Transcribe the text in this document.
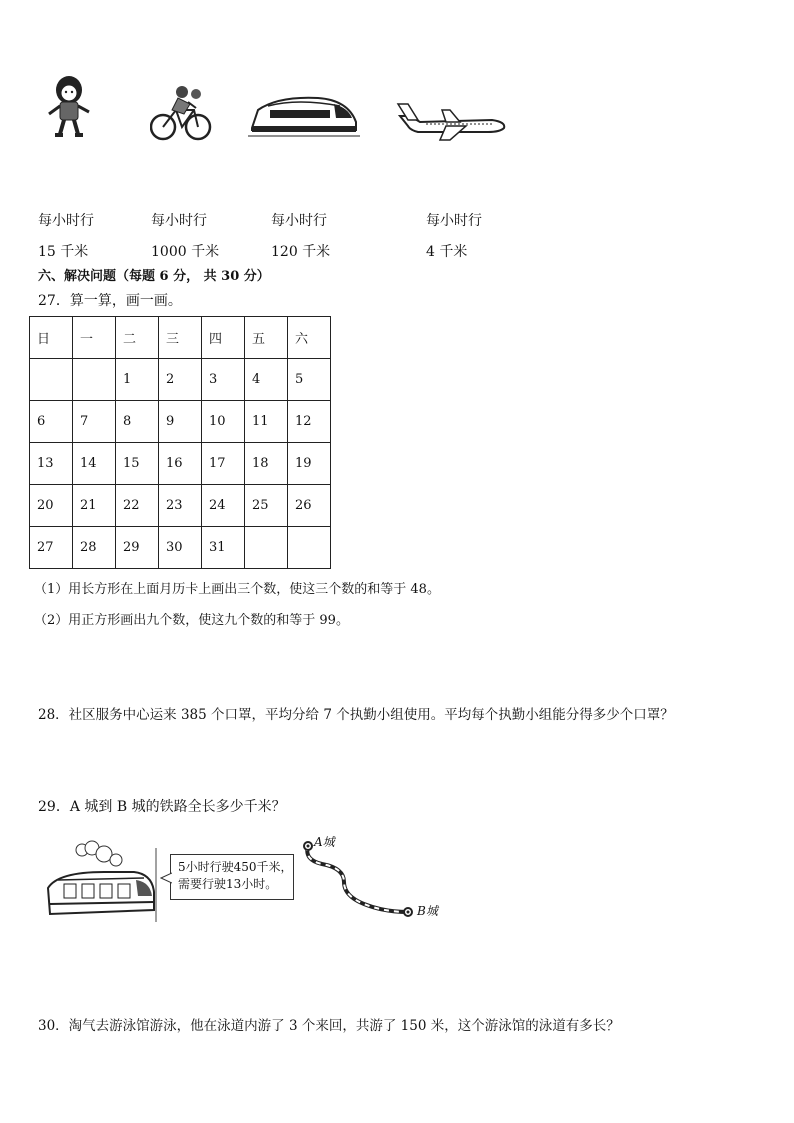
每小时行	每小时行	每小时行	每小时行
15 千米	1000 千米	120 千米	4 千米
六、解决问题（每题 6 分， 共 30 分）
27．算一算，画一画。
日	一	二	三	四	五	六
		1	2	3	4	5
6	7	8	9	10	11	12
13	14	15	16	17	18	19
20	21	22	23	24	25	26
27	28	29	30	31		
（1）用长方形在上面月历卡上画出三个数，使这三个数的和等于 48。
（2）用正方形画出九个数，使这九个数的和等于 99。
28．社区服务中心运来 385 个口罩，平均分给 7 个执勤小组使用。平均每个执勤小组能分得多少个口罩？
29．A 城到 B 城的铁路全长多少千米？
5小时行驶450千米，
需要行驶13小时。
A城
B城
30．淘气去游泳馆游泳，他在泳道内游了 3 个来回，共游了 150 米，这个游泳馆的泳道有多长？
